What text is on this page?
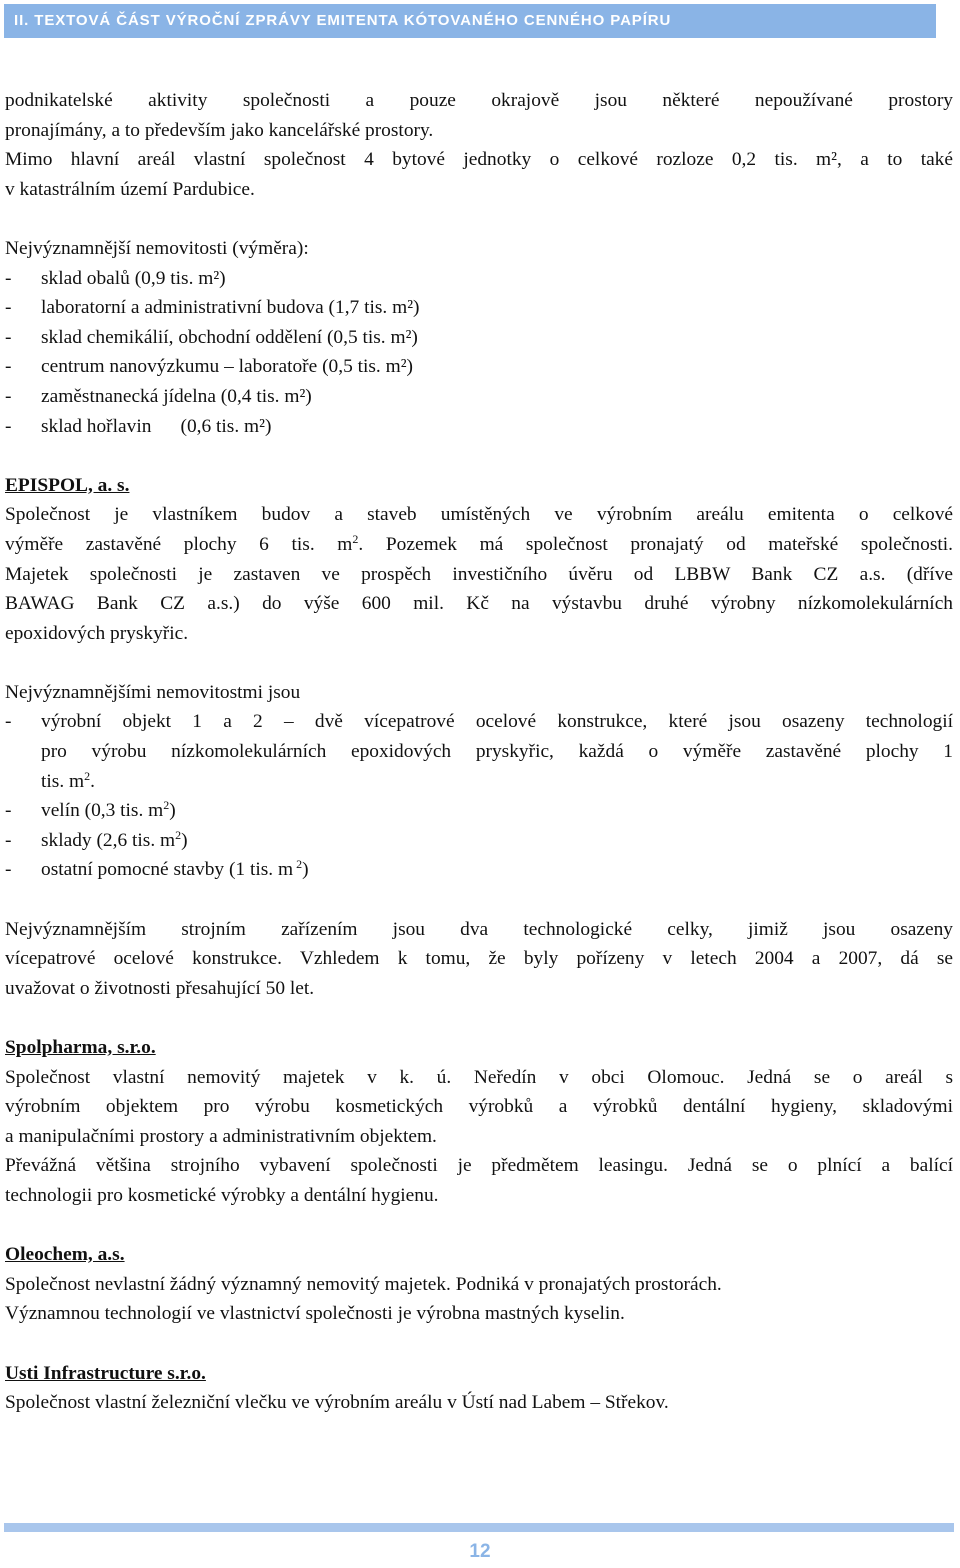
II. TEXTOVÁ ČÁST VÝROČNÍ ZPRÁVY EMITENTA KÓTOVANÉHO CENNÉHO PAPÍRU

podnikatelské aktivity společnosti a pouze okrajově jsou některé nepoužívané prostory

pronajímány, a to především jako kancelářské prostory.

Mimo hlavní areál vlastní společnost 4 bytové jednotky o celkové rozloze 0,2 tis. m², a to také

v katastrálním území Pardubice.

Nejvýznamnější nemovitosti (výměra):

-	sklad obalů (0,9 tis. m²)
-	laboratorní a administrativní budova (1,7 tis. m²)
-	sklad chemikálií, obchodní oddělení (0,5 tis. m²)
-	centrum nanovýzkumu – laboratoře (0,5 tis. m²)
-	zaměstnanecká jídelna (0,4 tis. m²)
-	sklad hořlavin      (0,6 tis. m²)

EPISPOL, a. s.

Společnost je vlastníkem budov a staveb umístěných ve výrobním areálu emitenta o celkové

výměře zastavěné plochy 6 tis. $m^2$. Pozemek má společnost pronajatý od mateřské společnosti.

Majetek společnosti je zastaven ve prospěch investičního úvěru od LBBW Bank CZ a.s. (dříve

BAWAG Bank CZ a.s.) do výše 600 mil. Kč na výstavbu druhé výrobny nízkomolekulárních

epoxidových pryskyřic.

Nejvýznamnějšími nemovitostmi jsou

-	výrobní objekt 1 a 2 – dvě vícepatrové ocelové konstrukce, které jsou osazeny technologií
pro výrobu nízkomolekulárních epoxidových pryskyřic, každá o výměře zastavěné plochy 1
tis. $m^2$.
-	velín (0,3 tis. $m^2$)
-	sklady (2,6 tis. $m^2$)
-	ostatní pomocné stavby (1 tis. m $^2$)

Nejvýznamnějším strojním zařízením jsou dva technologické celky, jimiž jsou osazeny

vícepatrové ocelové konstrukce. Vzhledem k tomu, že byly pořízeny v letech 2004 a 2007, dá se

uvažovat o životnosti přesahující 50 let.

Spolpharma, s.r.o.

Společnost vlastní nemovitý majetek v k. ú. Neředín v obci Olomouc. Jedná se o areál s

výrobním objektem pro výrobu kosmetických výrobků a výrobků dentální hygieny, skladovými

a manipulačními prostory a administrativním objektem.

Převážná většina strojního vybavení společnosti je předmětem leasingu. Jedná se o plnící a balící

technologii pro kosmetické výrobky a dentální hygienu.

Oleochem, a.s.

Společnost nevlastní žádný významný nemovitý majetek. Podniká v pronajatých prostorách.

Významnou technologií ve vlastnictví společnosti je výrobna mastných kyselin.

Usti Infrastructure s.r.o.

Společnost vlastní železniční vlečku ve výrobním areálu v Ústí nad Labem – Střekov.

12
